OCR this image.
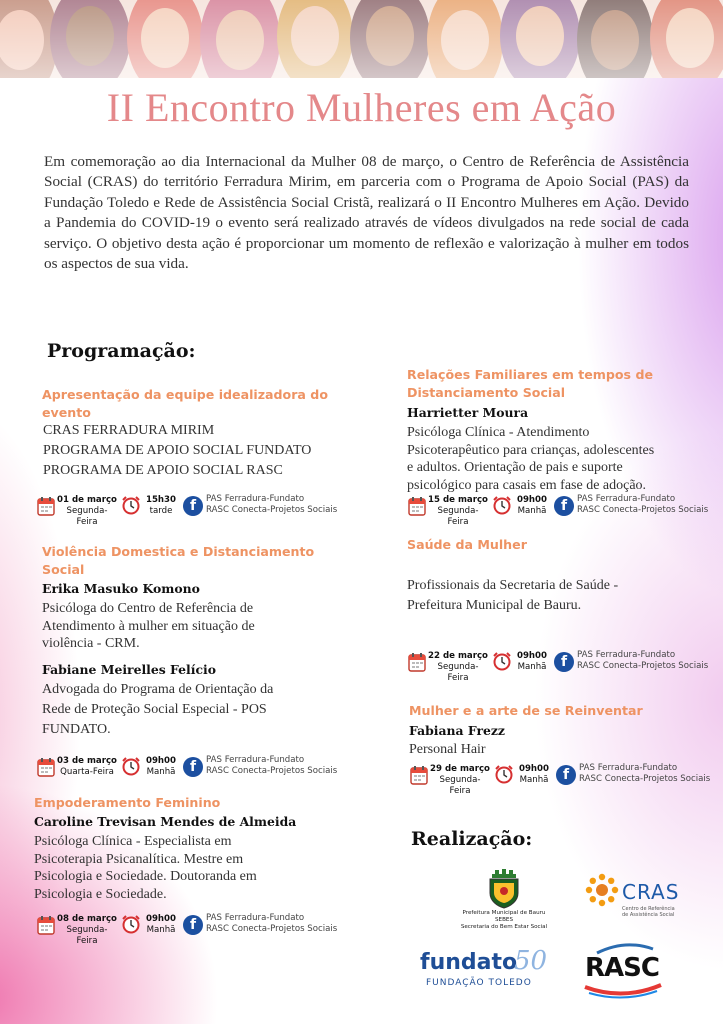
II Encontro Mulheres em Ação
Em comemoração ao dia Internacional da Mulher 08 de março, o Centro de Referência de Assistência Social (CRAS) do território Ferradura Mirim, em parceria com o Programa de Apoio Social (PAS) da Fundação Toledo e Rede de Assistência Social Cristã, realizará o II Encontro Mulheres em Ação. Devido a Pandemia do COVID-19 o evento será realizado através de vídeos divulgados na rede social de cada serviço. O objetivo desta ação é proporcionar um momento de reflexão e valorização à mulher em todos os aspectos de sua vida.
Programação:
Apresentação da equipe idealizadora do
evento
CRAS FERRADURA MIRIM
PROGRAMA DE APOIO SOCIAL FUNDATO
PROGRAMA DE APOIO SOCIAL RASC
01 de março
Segunda-Feira
15h30
tarde	f	PAS Ferradura-Fundato
RASC Conecta-Projetos Sociais
Violência Domestica e Distanciamento
Social
Erika Masuko Komono
Psicóloga do Centro de Referência de
Atendimento à mulher em situação de
violência - CRM.
Fabiane Meirelles Felício
Advogada do Programa de Orientação da
Rede de Proteção Social Especial - POS
FUNDATO.
03 de março
Quarta-Feira
09h00
Manhã	f	PAS Ferradura-Fundato
RASC Conecta-Projetos Sociais
Empoderamento Feminino
Caroline Trevisan Mendes de Almeida
Psicóloga Clínica - Especialista em
Psicoterapia Psicanalítica. Mestre em
Psicologia e Sociedade. Doutoranda em
Psicologia e Sociedade.
08 de março
Segunda-Feira
09h00
Manhã	f	PAS Ferradura-Fundato
RASC Conecta-Projetos Sociais
Relações Familiares em tempos de
Distanciamento Social
Harrietter Moura
Psicóloga Clínica - Atendimento
Psicoterapêutico para crianças, adolescentes
e adultos. Orientação de pais e suporte
psicológico para casais em fase de adoção.
15 de março
Segunda-Feira
09h00
Manhã	f	PAS Ferradura-Fundato
RASC Conecta-Projetos Sociais
Saúde da Mulher
Profissionais da Secretaria de Saúde -
Prefeitura Municipal de Bauru.
22 de março
Segunda-Feira
09h00
Manhã	f	PAS Ferradura-Fundato
RASC Conecta-Projetos Sociais
Mulher e a arte de se Reinventar
Fabiana Frezz
Personal Hair
29 de março
Segunda-Feira
09h00
Manhã	f	PAS Ferradura-Fundato
RASC Conecta-Projetos Sociais
Realização:
Prefeitura Municipal de Bauru
SEBES
Secretaria do Bem Estar Social
CRAS
Centro de Referência
de Assistência Social
fundato
50
FUNDAÇÃO TOLEDO RASC
